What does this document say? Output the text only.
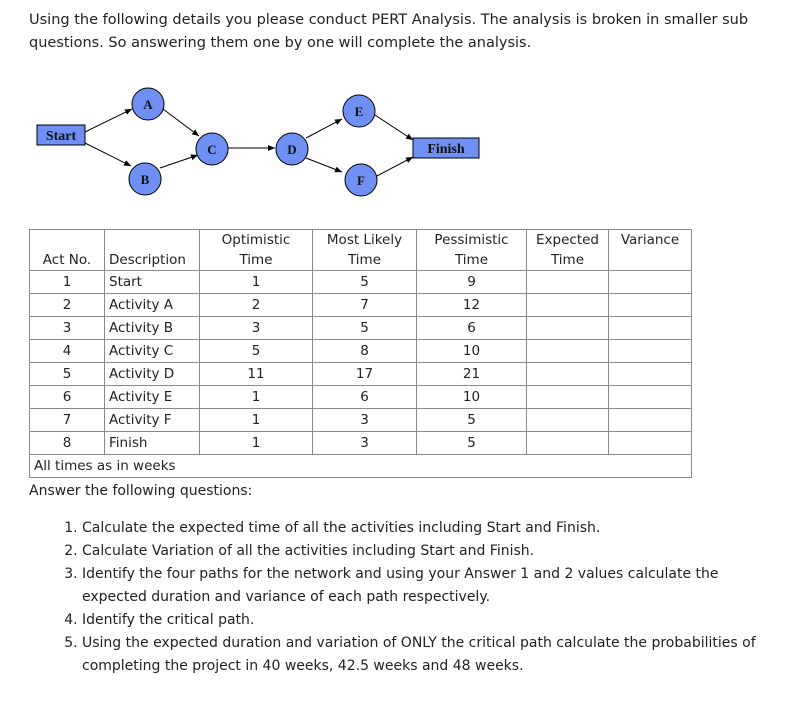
Using the following details you please conduct PERT Analysis. The analysis is broken in smaller sub questions. So answering them one by one will complete the analysis.
Start
Finish
A
B
C	D
E
F
		Optimistic	Most Likely	Pessimistic	Expected	Variance
Act No.	Description	Time	Time	Time	Time	
1	Start	1	5	9		
2	Activity A	2	7	12		
3	Activity B	3	5	6		
4	Activity C	5	8	10		
5	Activity D	11	17	21		
6	Activity E	1	6	10		
7	Activity F	1	3	5		
8	Finish	1	3	5		
All times as in weeks						
Answer the following questions:
1. Calculate the expected time of all the activities including Start and Finish.
2. Calculate Variation of all the activities including Start and Finish.
3. Identify the four paths for the network and using your Answer 1 and 2 values calculate the expected duration and variance of each path respectively.
4. Identify the critical path.
5. Using the expected duration and variation of ONLY the critical path calculate the probabilities of completing the project in 40 weeks, 42.5 weeks and 48 weeks.
